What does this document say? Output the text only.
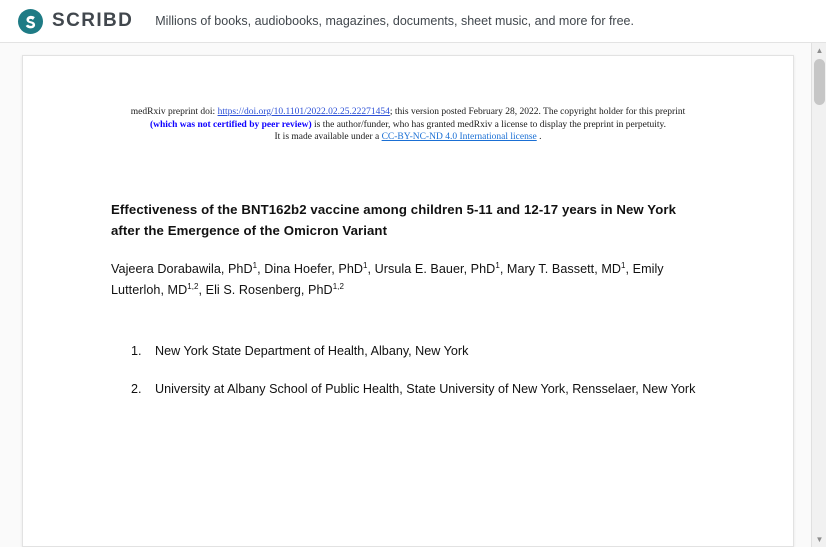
SCRIBD Millions of books, audiobooks, magazines, documents, sheet music, and more for free.
medRxiv preprint doi: https://doi.org/10.1101/2022.02.25.22271454; this version posted February 28, 2022. The copyright holder for this preprint
(which was not certified by peer review) is the author/funder, who has granted medRxiv a license to display the preprint in perpetuity.
It is made available under a CC-BY-NC-ND 4.0 International license .
Effectiveness of the BNT162b2 vaccine among children 5-11 and 12-17 years in New York after the Emergence of the Omicron Variant

Vajeera Dorabawila, PhD$^1$, Dina Hoefer, PhD$^1$, Ursula E. Bauer, PhD$^1$, Mary T. Bassett, $MD^1$, Emily Lutterloh, MD$^{1,2}$, Eli S. Rosenberg, PhD$^{1,2}$

New York State Department of Health, Albany, New York
University at Albany School of Public Health, State University of New York, Rensselaer, New York
▲
▼
